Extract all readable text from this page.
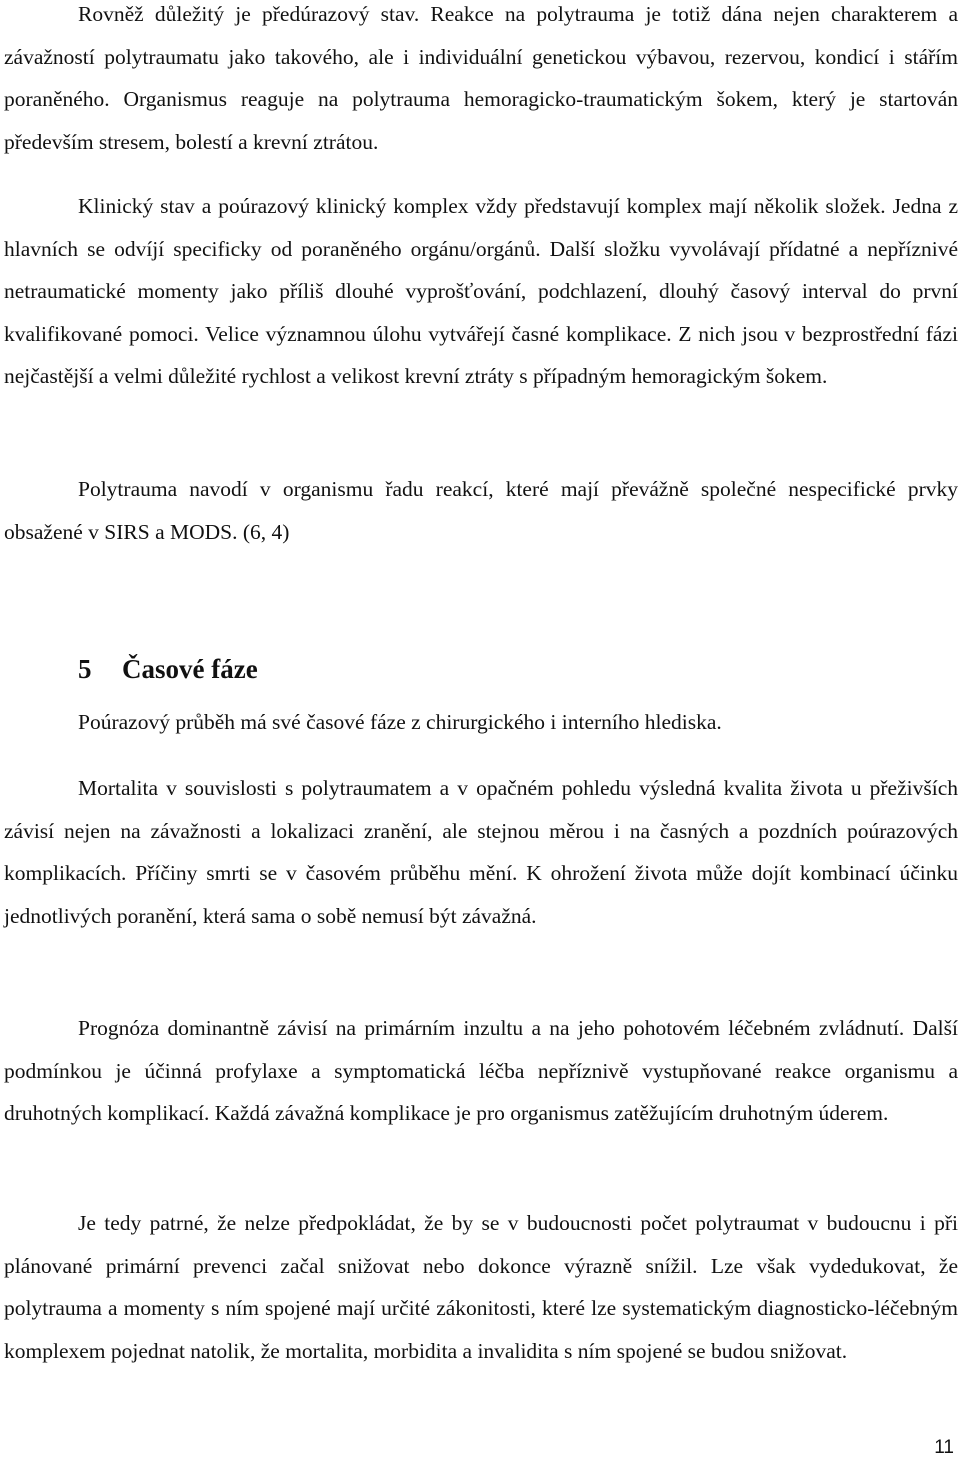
Rovněž důležitý je předúrazový stav. Reakce na polytrauma je totiž dána nejen charakterem a závažností polytraumatu jako takového, ale i individuální genetickou výbavou, rezervou, kondicí i stářím poraněného. Organismus reaguje na polytrauma hemoragicko-traumatickým šokem, který je startován především stresem, bolestí a krevní ztrátou.

Klinický stav a poúrazový klinický komplex vždy představují komplex mají několik složek. Jedna z hlavních se odvíjí specificky od poraněného orgánu/orgánů. Další složku vyvolávají přídatné a nepříznivé netraumatické momenty jako příliš dlouhé vyprošťování, podchlazení, dlouhý časový interval do první kvalifikované pomoci. Velice významnou úlohu vytvářejí časné komplikace. Z nich jsou v bezprostřední fázi nejčastější a velmi důležité rychlost a velikost krevní ztráty s případným hemoragickým šokem.

Polytrauma navodí v organismu řadu reakcí, které mají převážně společné nespecifické prvky obsažené v SIRS a MODS. (6, 4)

5 Časové fáze

Poúrazový průběh má své časové fáze z chirurgického i interního hlediska.

Mortalita v souvislosti s polytraumatem a v opačném pohledu výsledná kvalita života u přeživších závisí nejen na závažnosti a lokalizaci zranění, ale stejnou měrou i na časných a pozdních poúrazových komplikacích. Příčiny smrti se v časovém průběhu mění. K ohrožení života může dojít kombinací účinku jednotlivých poranění, která sama o sobě nemusí být závažná.

Prognóza dominantně závisí na primárním inzultu a na jeho pohotovém léčebném zvládnutí. Další podmínkou je účinná profylaxe a symptomatická léčba nepříznivě vystupňované reakce organismu a druhotných komplikací. Každá závažná komplikace je pro organismus zatěžujícím druhotným úderem.

Je tedy patrné, že nelze předpokládat, že by se v budoucnosti počet polytraumat v budoucnu i při plánované primární prevenci začal snižovat nebo dokonce výrazně snížil. Lze však vydedukovat, že polytrauma a momenty s ním spojené mají určité zákonitosti, které lze systematickým diagnosticko-léčebným komplexem pojednat natolik, že mortalita, morbidita a invalidita s ním spojené se budou snižovat.

11
